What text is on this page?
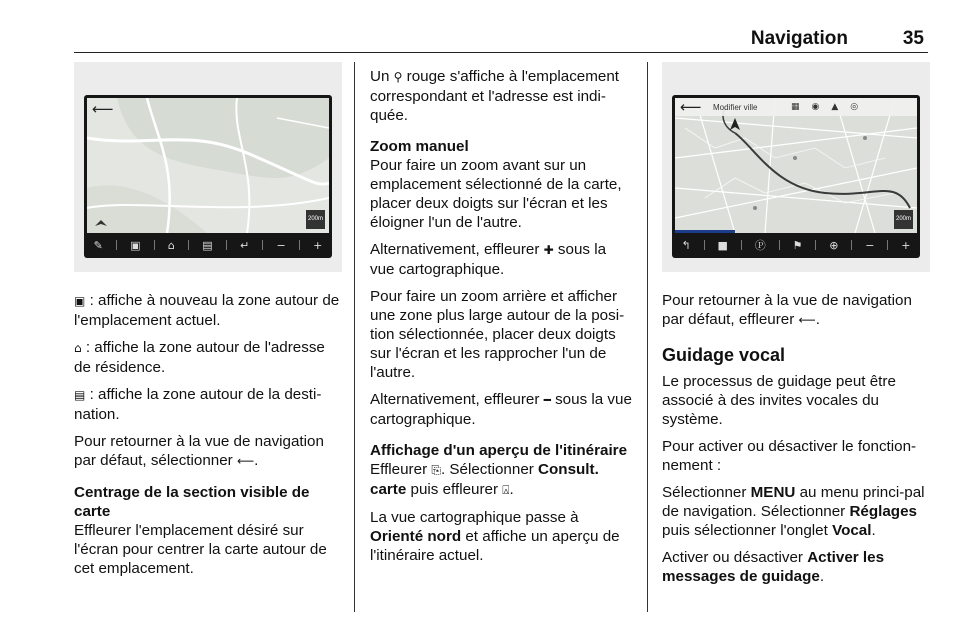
Navigation	35
⟵
200m
✎ ▣ ⌂ ▤ ↵ − +

▣ : affiche à nouveau la zone autour de l'emplacement actuel.

⌂ : affiche la zone autour de l'adresse de résidence.

▤ : affiche la zone autour de la desti-nation.

Pour retourner à la vue de navigation par défaut, sélectionner ⟵.

Centrage de la section visible de carte

Effleurer l'emplacement désiré sur l'écran pour centrer la carte autour de cet emplacement.

Un ⚲ rouge s'affiche à l'emplacement correspondant et l'adresse est indi-quée.

Zoom manuel

Pour faire un zoom avant sur un emplacement sélectionné de la carte, placer deux doigts sur l'écran et les éloigner l'un de l'autre.

Alternativement, effleurer ✚ sous la vue cartographique.

Pour faire un zoom arrière et afficher une zone plus large autour de la posi-tion sélectionnée, placer deux doigts sur l'écran et les rapprocher l'un de l'autre.

Alternativement, effleurer ━ sous la vue cartographique.

Affichage d'un aperçu de l'itinéraire

Effleurer ⎘. Sélectionner Consult. carte puis effleurer ⍓.

La vue cartographique passe à Orienté nord et affiche un aperçu de l'itinéraire actuel.

⟵ Modifier ville	▦ ◉ ▲ ◎
200m
↰ ■ Ⓟ ⚑ ⊕ − +

Pour retourner à la vue de navigation par défaut, effleurer ⟵.

Guidage vocal

Le processus de guidage peut être associé à des invites vocales du système.

Pour activer ou désactiver le fonction-nement :

Sélectionner MENU au menu princi-pal de navigation. Sélectionner Réglages puis sélectionner l'onglet Vocal.

Activer ou désactiver Activer les messages de guidage.
